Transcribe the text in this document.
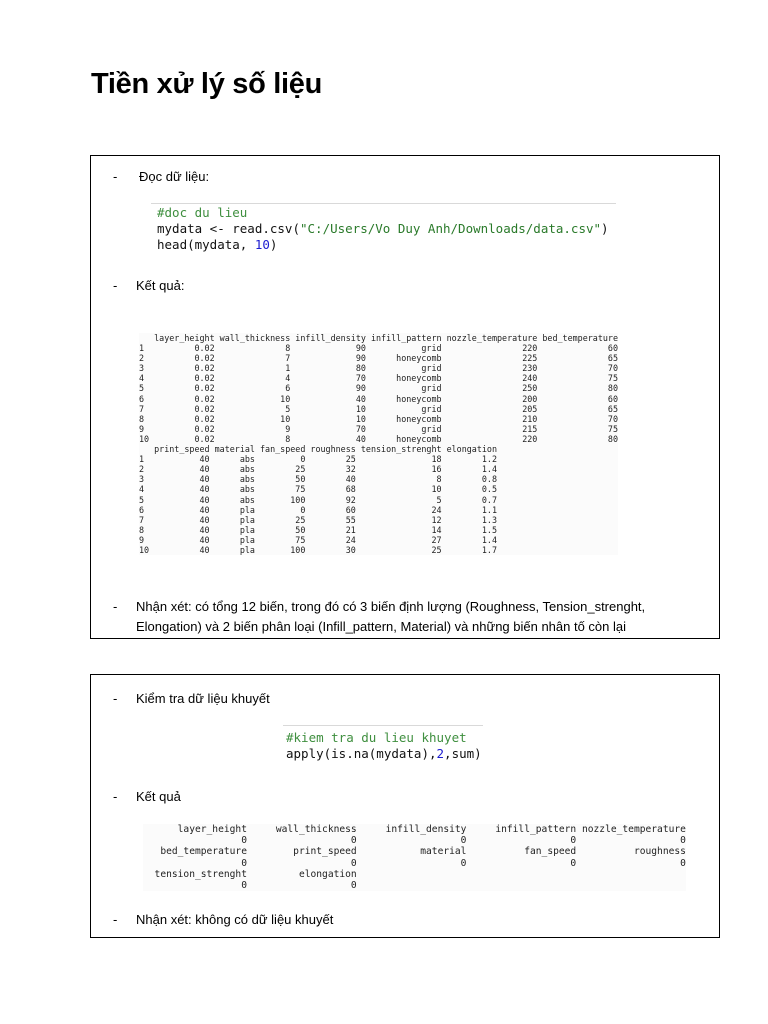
Tiền xử lý số liệu
-	Đọc dữ liệu:
#doc du lieu
mydata <- read.csv("C:/Users/Vo Duy Anh/Downloads/data.csv")
head(mydata, 10)
-	Kết quả:
layer_height wall_thickness infill_density infill_pattern nozzle_temperature bed_temperature
1          0.02              8             90           grid                220              60
2          0.02              7             90      honeycomb                225              65
3          0.02              1             80           grid                230              70
4          0.02              4             70      honeycomb                240              75
5          0.02              6             90           grid                250              80
6          0.02             10             40      honeycomb                200              60
7          0.02              5             10           grid                205              65
8          0.02             10             10      honeycomb                210              70
9          0.02              9             70           grid                215              75
10         0.02              8             40      honeycomb                220              80
print_speed material fan_speed roughness tension_strenght elongation
1           40      abs         0        25               18        1.2
2           40      abs        25        32               16        1.4
3           40      abs        50        40                8        0.8
4           40      abs        75        68               10        0.5
5           40      abs       100        92                5        0.7
6           40      pla         0        60               24        1.1
7           40      pla        25        55               12        1.3
8           40      pla        50        21               14        1.5
9           40      pla        75        24               27        1.4
10          40      pla       100        30               25        1.7
- Nhận xét: có tổng 12 biến, trong đó có 3 biến định lượng (Roughness, Tension_strenght, Elongation) và 2 biến phân loại (Infill_pattern, Material) và những biến nhân tố còn lại
-	Kiểm tra dữ liệu khuyết
#kiem tra du lieu khuyet
apply(is.na(mydata),2,sum)
-	Kết quả
layer_height     wall_thickness     infill_density     infill_pattern nozzle_temperature
0                  0                  0                  0                  0
bed_temperature        print_speed           material          fan_speed          roughness
0                  0                  0                  0                  0
tension_strenght         elongation
0                  0
-	Nhận xét: không có dữ liệu khuyết
